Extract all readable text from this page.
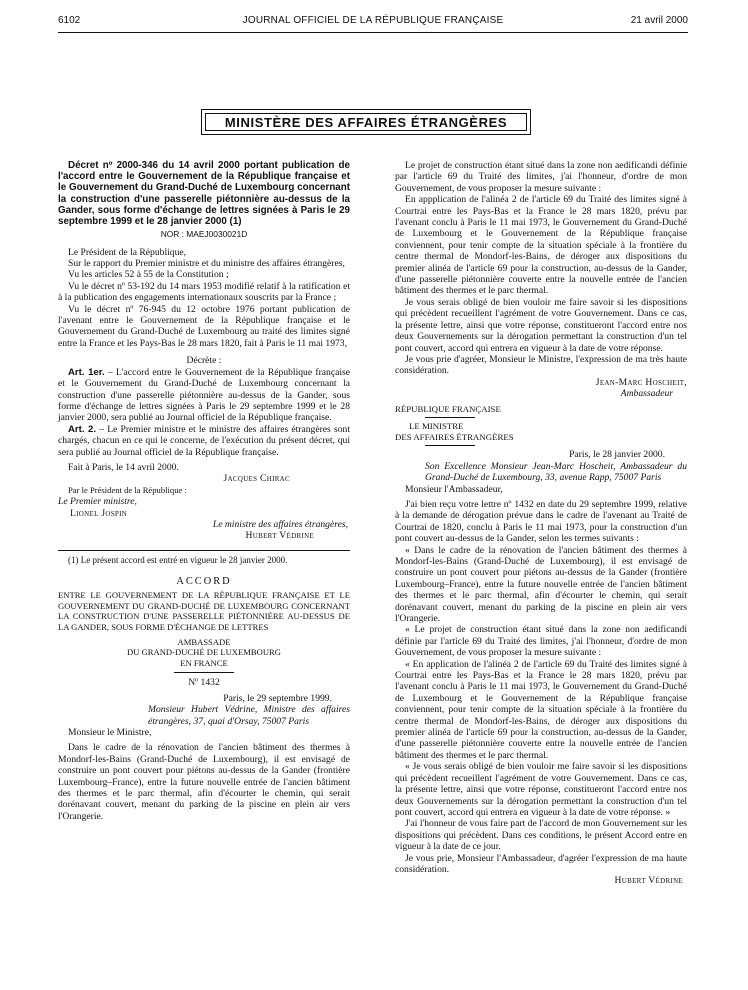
6102	JOURNAL OFFICIEL DE LA RÉPUBLIQUE FRANÇAISE	21 avril 2000
MINISTÈRE DES AFFAIRES ÉTRANGÈRES

Décret nº 2000-346 du 14 avril 2000 portant publication de l'accord entre le Gouvernement de la République française et le Gouvernement du Grand-Duché de Luxembourg concernant la construction d'une passerelle piétonnière au-dessus de la Gander, sous forme d'échange de lettres signées à Paris le 29 septembre 1999 et le 28 janvier 2000 (1)

NOR : MAEJ0030021D

Le Président de la République,

Sur le rapport du Premier ministre et du ministre des affaires étrangères,

Vu les articles 52 à 55 de la Constitution ;

Vu le décret nº 53-192 du 14 mars 1953 modifié relatif à la ratification et à la publication des engagements internationaux souscrits par la France ;

Vu le décret nº 76-945 du 12 octobre 1976 portant publication de l'avenant entre le Gouvernement de la République française et le Gouvernement du Grand-Duché de Luxembourg au traité des limites signé entre la France et les Pays-Bas le 28 mars 1820, fait à Paris le 11 mai 1973,

Décrète :

Art. 1er. – L'accord entre le Gouvernement de la République française et le Gouvernement du Grand-Duché de Luxembourg concernant la construction d'une passerelle piétonnière au-dessus de la Gander, sous forme d'échange de lettres signées à Paris le 29 septembre 1999 et le 28 janvier 2000, sera publié au Journal officiel de la République française.

Art. 2. – Le Premier ministre et le ministre des affaires étrangères sont chargés, chacun en ce qui le concerne, de l'exécution du présent décret, qui sera publié au Journal officiel de la République française.

Fait à Paris, le 14 avril 2000.

Jacques Chirac

Par le Président de la République :

Le Premier ministre,
Lionel Jospin
Le ministre des affaires étrangères,
Hubert Védrine

(1) Le présent accord est entré en vigueur le 28 janvier 2000.

ACCORD
ENTRE LE GOUVERNEMENT DE LA RÉPUBLIQUE FRANÇAISE ET LE GOUVERNEMENT DU GRAND-DUCHÉ DE LUXEMBOURG CONCERNANT LA CONSTRUCTION D'UNE PASSERELLE PIÉTONNIÈRE AU-DESSUS DE LA GANDER, SOUS FORME D'ÉCHANGE DE LETTRES
AMBASSADE
DU GRAND-DUCHÉ DE LUXEMBOURG
EN FRANCE
Nº 1432
Paris, le 29 septembre 1999.
Monsieur Hubert Védrine, Ministre des affaires étrangères, 37, quai d'Orsay, 75007 Paris

Monsieur le Ministre,

Dans le cadre de la rénovation de l'ancien bâtiment des thermes à Mondorf-les-Bains (Grand-Duché de Luxembourg), il est envisagé de construire un pont couvert pour piétons au-dessus de la Gander (frontière Luxembourg–France), entre la future nouvelle entrée de l'ancien bâtiment des thermes et le parc thermal, afin d'écourter le chemin, qui serait dorénavant couvert, menant du parking de la piscine en plein air vers l'Orangerie.

Le projet de construction étant situé dans la zone non aedificandi définie par l'article 69 du Traité des limites, j'ai l'honneur, d'ordre de mon Gouvernement, de vous proposer la mesure suivante :

En appplication de l'alinéa 2 de l'article 69 du Traité des limites signé à Courtrai entre les Pays-Bas et la France le 28 mars 1820, prévu par l'avenant conclu à Paris le 11 mai 1973, le Gouvernement du Grand-Duché de Luxembourg et le Gouvernement de la République française conviennent, pour tenir compte de la situation spéciale à la frontière du centre thermal de Mondorf-les-Bains, de déroger aux dispositions du premier alinéa de l'article 69 pour la construction, au-dessus de la Gander, d'une passerelle piétonnière couverte entre la nouvelle entrée de l'ancien bâtiment des thermes et le parc thermal.

Je vous serais obligé de bien vouloir me faire savoir si les dispositions qui précèdent recueillent l'agrément de votre Gouvernement. Dans ce cas, la présente lettre, ainsi que votre réponse, constitueront l'accord entre nos deux Gouvernements sur la dérogation permettant la construction d'un tel pont couvert, accord qui entrera en vigueur à la date de votre réponse.

Je vous prie d'agréer, Monsieur le Ministre, l'expression de ma très haute considération.

Jean-Marc Hoscheit,
Ambassadeur
RÉPUBLIQUE FRANÇAISE
LE MINISTRE
DES AFFAIRES ÉTRANGÈRES
Paris, le 28 janvier 2000.
Son Excellence Monsieur Jean-Marc Hoscheit, Ambassadeur du Grand-Duché de Luxembourg, 33, avenue Rapp, 75007 Paris

Monsieur l'Ambassadeur,

J'ai bien reçu votre lettre nº 1432 en date du 29 septembre 1999, relative à la demande de dérogation prévue dans le cadre de l'avenant au Traité de Courtrai de 1820, conclu à Paris le 11 mai 1973, pour la construction d'un pont couvert au-dessus de la Gander, selon les termes suivants :

« Dans le cadre de la rénovation de l'ancien bâtiment des thermes à Mondorf-les-Bains (Grand-Duché de Luxembourg), il est envisagé de construire un pont couvert pour piétons au-dessus de la Gander (frontière Luxembourg–France), entre la future nouvelle entrée de l'ancien bâtiment des thermes et le parc thermal, afin d'écourter le chemin, qui serait dorénavant couvert, menant du parking de la piscine en plein air vers l'Orangerie.

« Le projet de construction étant situé dans la zone non aedificandi définie par l'article 69 du Traité des limites, j'ai l'honneur, d'ordre de mon Gouvernement, de vous proposer la mesure suivante :

« En application de l'alinéa 2 de l'article 69 du Traité des limites signé à Courtrai entre les Pays-Bas et la France le 28 mars 1820, prévu par l'avenant conclu à Paris le 11 mai 1973, le Gouvernement du Grand-Duché de Luxembourg et le Gouvernement de la République française conviennent, pour tenir compte de la situation spéciale à la frontière du centre thermal de Mondorf-les-Bains, de déroger aux dispositions du premier alinéa de l'article 69 pour la construction, au-dessus de la Gander, d'une passerelle piétonnière couverte entre la nouvelle entrée de l'ancien bâtiment des thermes et le parc thermal.

« Je vous serais obligé de bien vouloir me faire savoir si les dispositions qui précèdent recueillent l'agrément de votre Gouvernement. Dans ce cas, la présente lettre, ainsi que votre réponse, constitueront l'accord entre nos deux Gouvernements sur la dérogation permettant la construction d'un tel pont couvert, accord qui entrera en vigueur à la date de votre réponse. »

J'ai l'honneur de vous faire part de l'accord de mon Gouvernement sur les dispositions qui précèdent. Dans ces conditions, le présent Accord entre en vigueur à la date de ce jour.

Je vous prie, Monsieur l'Ambassadeur, d'agréer l'expression de ma haute considération.

Hubert Védrine
